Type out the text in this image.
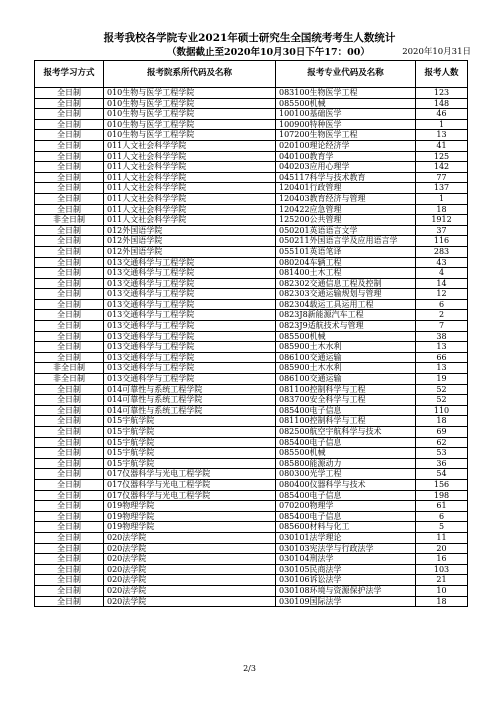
报考我校各学院专业2021年硕士研究生全国统考考生人数统计
（数据截止至2020年10月30日下午17：00）	2020年10月31日
报考学习方式	报考院系所代码及名称	报考专业代码及名称	报考人数
全日制	010生物与医学工程学院	083100生物医学工程	123
全日制	010生物与医学工程学院	085500机械	148
全日制	010生物与医学工程学院	100100基础医学	46
全日制	010生物与医学工程学院	100900特种医学	1
全日制	010生物与医学工程学院	107200生物医学工程	13
全日制	011人文社会科学学院	020100理论经济学	41
全日制	011人文社会科学学院	040100教育学	125
全日制	011人文社会科学学院	040203应用心理学	142
全日制	011人文社会科学学院	045117科学与技术教育	77
全日制	011人文社会科学学院	120401行政管理	137
全日制	011人文社会科学学院	120403教育经济与管理	1
全日制	011人文社会科学学院	120422应急管理	18
非全日制	011人文社会科学学院	125200公共管理	1912
全日制	012外国语学院	050201英语语言文学	37
全日制	012外国语学院	050211外国语言学及应用语言学	116
全日制	012外国语学院	055101英语笔译	283
全日制	013交通科学与工程学院	080204车辆工程	43
全日制	013交通科学与工程学院	081400土木工程	4
全日制	013交通科学与工程学院	082302交通信息工程及控制	14
全日制	013交通科学与工程学院	082303交通运输规划与管理	12
全日制	013交通科学与工程学院	082304载运工具运用工程	6
全日制	013交通科学与工程学院	0823J8新能源汽车工程	2
全日制	013交通科学与工程学院	0823J9适航技术与管理	7
全日制	013交通科学与工程学院	085500机械	38
全日制	013交通科学与工程学院	085900土木水利	13
全日制	013交通科学与工程学院	086100交通运输	66
非全日制	013交通科学与工程学院	085900土木水利	13
非全日制	013交通科学与工程学院	086100交通运输	19
全日制	014可靠性与系统工程学院	081100控制科学与工程	52
全日制	014可靠性与系统工程学院	083700安全科学与工程	52
全日制	014可靠性与系统工程学院	085400电子信息	110
全日制	015宇航学院	081100控制科学与工程	18
全日制	015宇航学院	082500航空宇航科学与技术	69
全日制	015宇航学院	085400电子信息	62
全日制	015宇航学院	085500机械	53
全日制	015宇航学院	085800能源动力	36
全日制	017仪器科学与光电工程学院	080300光学工程	54
全日制	017仪器科学与光电工程学院	080400仪器科学与技术	156
全日制	017仪器科学与光电工程学院	085400电子信息	198
全日制	019物理学院	070200物理学	61
全日制	019物理学院	085400电子信息	6
全日制	019物理学院	085600材料与化工	5
全日制	020法学院	030101法学理论	11
全日制	020法学院	030103宪法学与行政法学	20
全日制	020法学院	030104刑法学	16
全日制	020法学院	030105民商法学	103
全日制	020法学院	030106诉讼法学	21
全日制	020法学院	030108环境与资源保护法学	10
全日制	020法学院	030109国际法学	18
2/3
